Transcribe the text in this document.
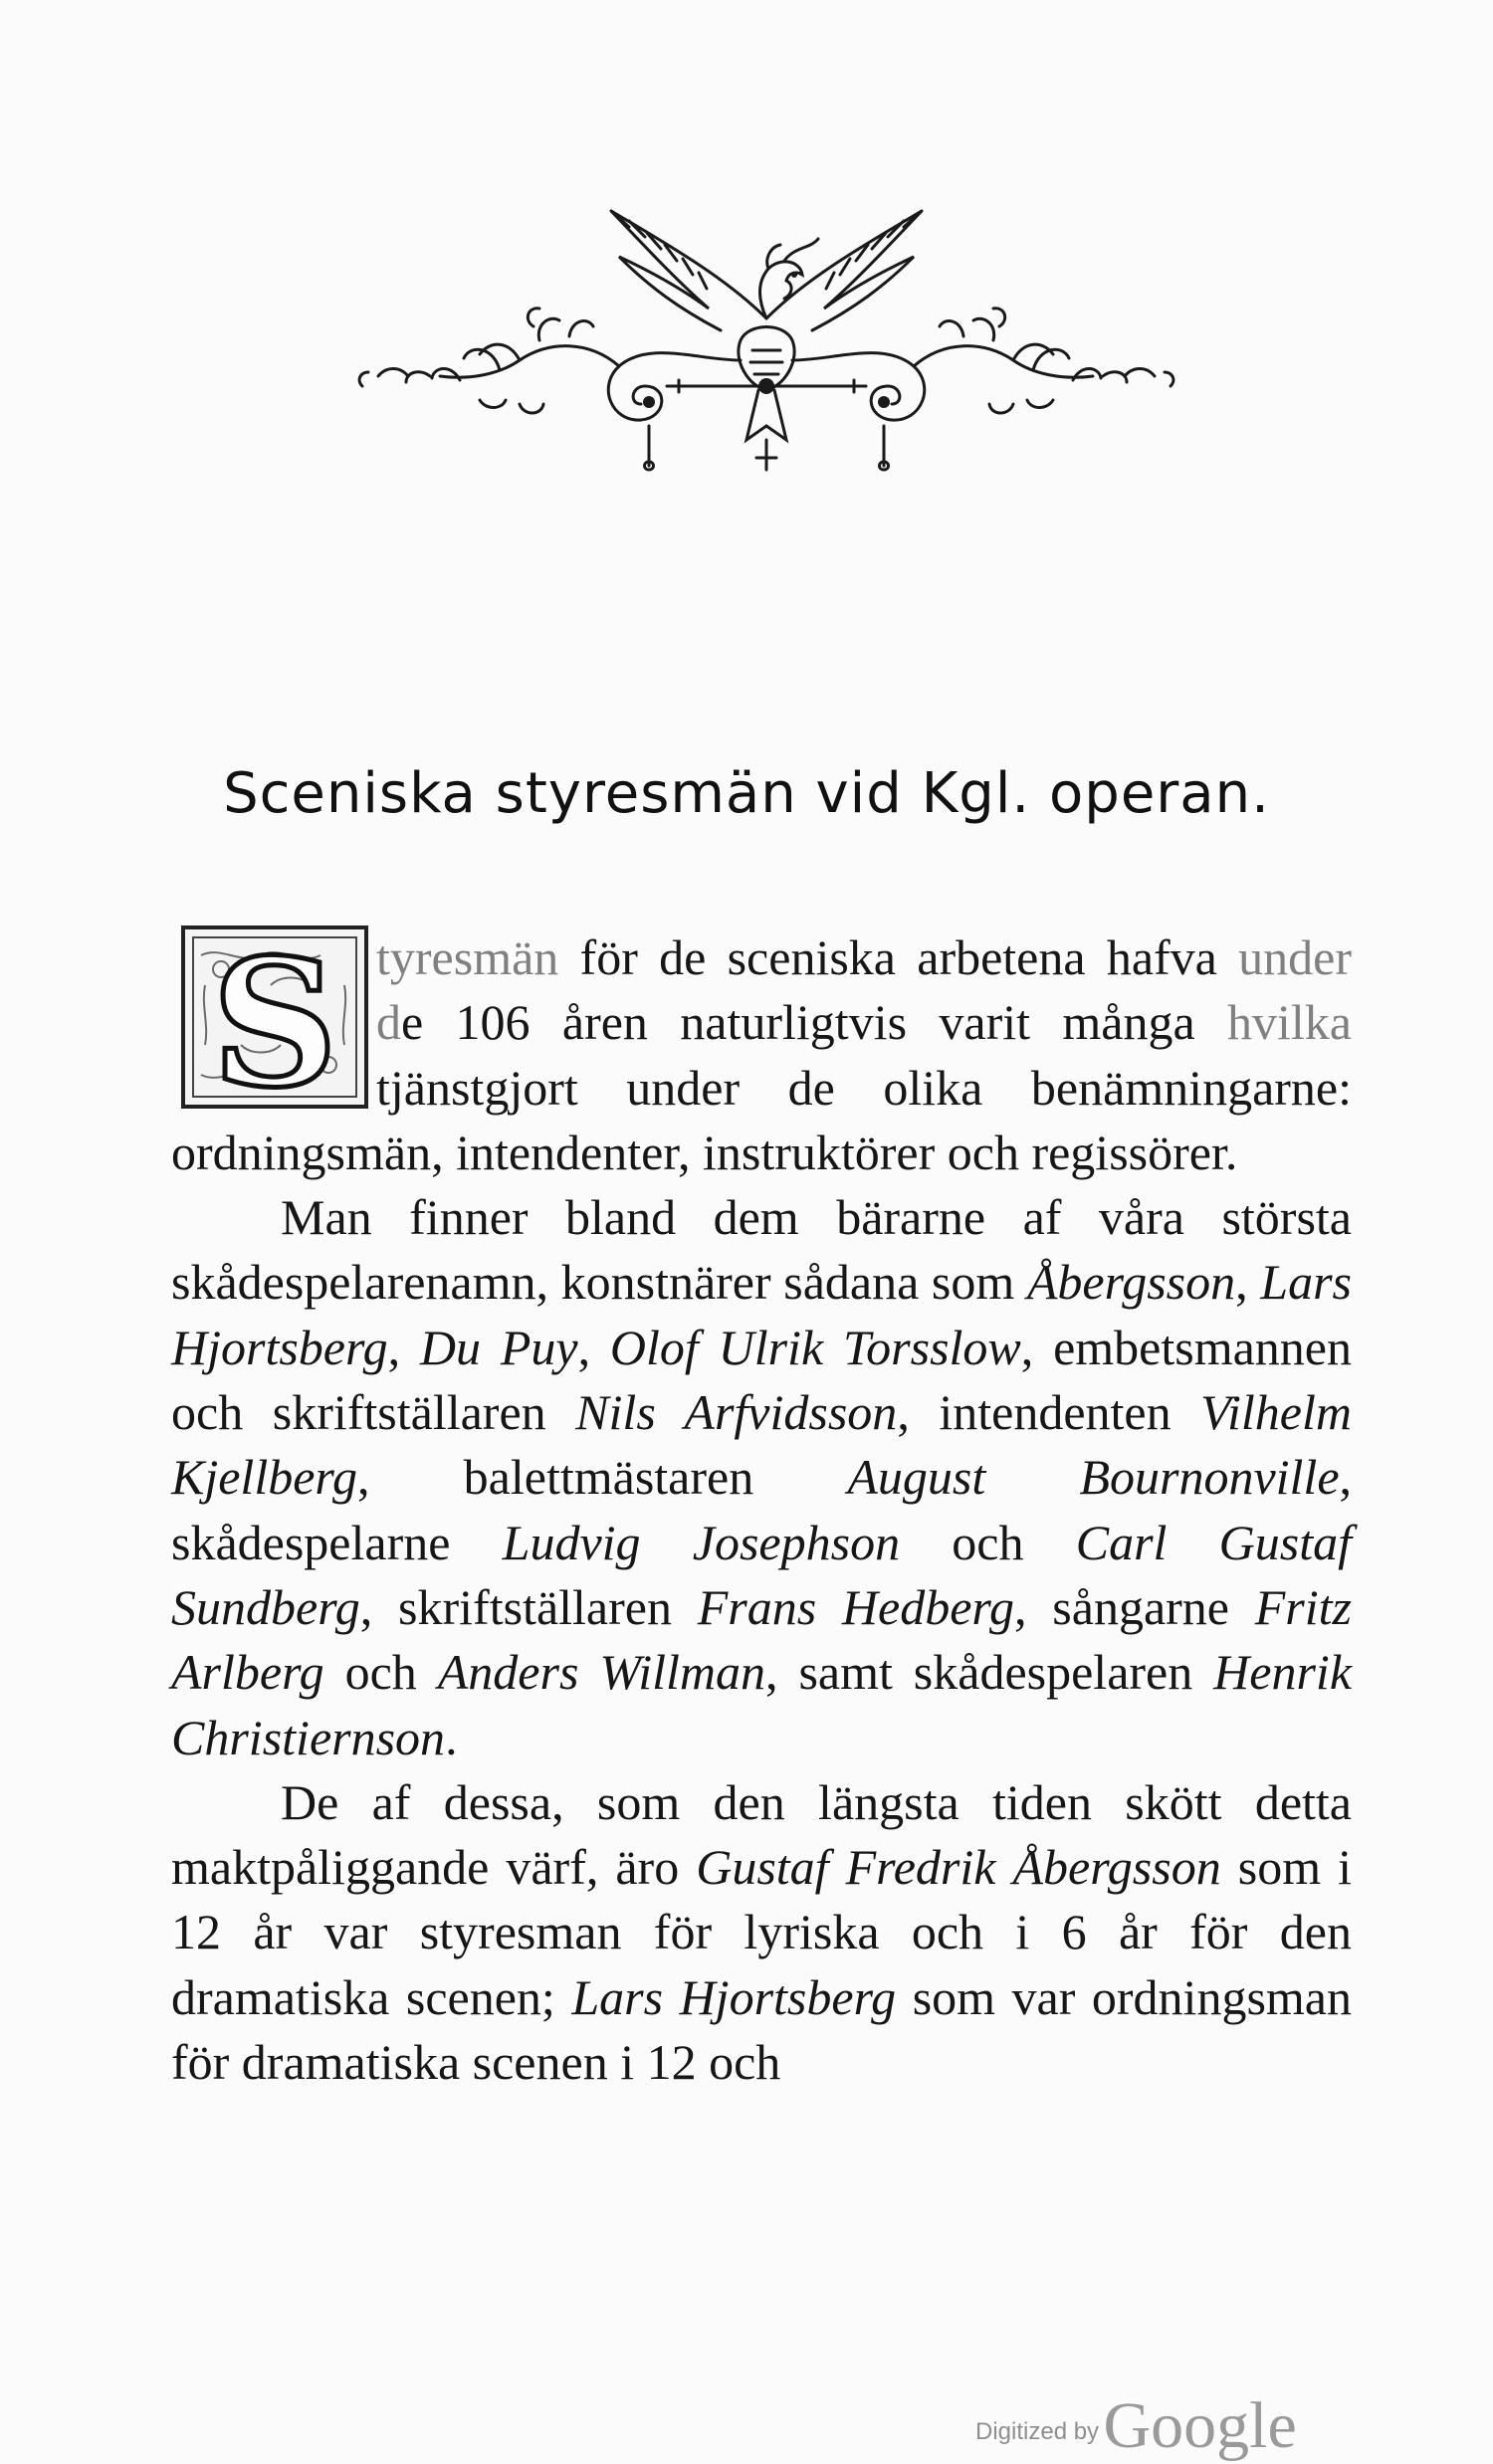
Sceniska styresmän vid Kgl. operan.
S tyresmän för de sceniska arbetena hafva under de 106 åren naturligtvis varit många hvilka tjänstgjort under de olika benämningarne: ordningsmän, intendenter, instruktörer och regissörer.

Man finner bland dem bärarne af våra största skådespelarenamn, konstnärer sådana som Åbergsson, Lars Hjortsberg, Du Puy, Olof Ulrik Torsslow, embetsmannen och skriftställaren Nils Arfvidsson, intendenten Vilhelm Kjellberg, balettmästaren August Bournonville, skådespelarne Ludvig Josephson och Carl Gustaf Sundberg, skriftställaren Frans Hedberg, sångarne Fritz Arlberg och Anders Willman, samt skådespelaren Henrik Christiernson.

De af dessa, som den längsta tiden skött detta maktpåliggande värf, äro Gustaf Fredrik Åbergsson som i 12 år var styresman för lyriska och i 6 år för den dramatiska scenen; Lars Hjortsberg som var ordningsman för dramatiska scenen i 12 och

Digitized by Google
